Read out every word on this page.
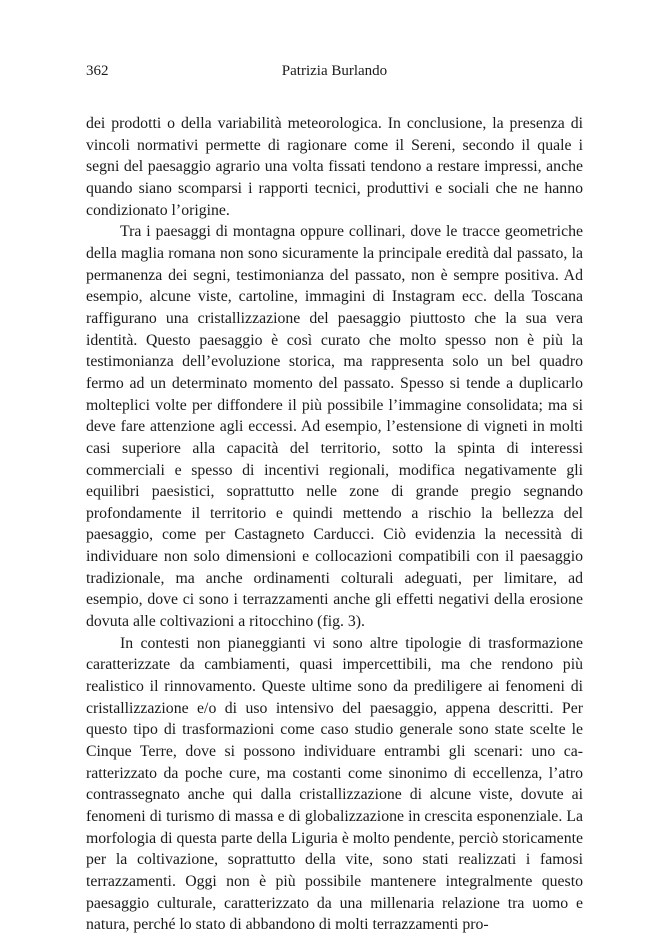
362	Patrizia Burlando

dei prodotti o della variabilità meteorologica. In conclusione, la presenza di vincoli normativi permette di ragionare come il Sereni, secondo il quale i segni del paesaggio agrario una volta fissati tendono a restare impressi, anche quando siano scomparsi i rapporti tecnici, produttivi e sociali che ne hanno condizionato l’origine.

Tra i paesaggi di montagna oppure collinari, dove le tracce geometriche della maglia romana non sono sicuramente la principale eredità dal passato, la permanenza dei segni, testimonianza del passato, non è sempre positiva. Ad esempio, alcune viste, cartoline, immagini di Instagram ecc. della Toscana raffigurano una cristallizzazione del paesaggio piuttosto che la sua vera identità. Questo paesaggio è così curato che molto spesso non è più la testimonianza dell’evoluzione storica, ma rappresenta solo un bel quadro fermo ad un determinato momento del passato. Spesso si tende a duplicarlo molteplici volte per diffondere il più possibile l’immagine consolidata; ma si deve fare attenzione agli eccessi. Ad esempio, l’estensione di vigneti in molti casi superiore alla capacità del territorio, sotto la spinta di interessi commerciali e spesso di incentivi regionali, modifica negativamente gli equilibri paesistici, soprattutto nelle zone di grande pregio segnando profondamente il territorio e quindi mettendo a rischio la bellezza del paesaggio, come per Castagneto Carducci. Ciò evidenzia la necessità di individuare non solo dimensioni e collocazioni compatibili con il paesaggio tradizionale, ma anche ordinamenti colturali adeguati, per limitare, ad esempio, dove ci sono i terrazzamenti anche gli effetti negativi della erosione dovuta alle coltivazioni a ritocchino (fig. 3).

In contesti non pianeggianti vi sono altre tipologie di trasformazione caratterizzate da cambiamenti, quasi impercettibili, ma che rendono più realistico il rinnovamento. Queste ultime sono da prediligere ai fenomeni di cristallizzazione e/o di uso intensivo del paesaggio, appena descritti. Per questo tipo di trasformazioni come caso studio generale sono state scelte le Cinque Terre, dove si possono individuare entrambi gli scenari: uno caratterizzato da poche cure, ma costanti come sinonimo di eccellenza, l’atro contrassegnato anche qui dalla cristallizzazione di alcune viste, dovute ai fenomeni di turismo di massa e di globalizzazione in crescita esponenziale. La morfologia di questa parte della Liguria è molto pendente, perciò storicamente per la coltivazione, soprattutto della vite, sono stati realizzati i famosi terrazzamenti. Oggi non è più possibile mantenere integralmente questo paesaggio culturale, caratterizzato da una millenaria relazione tra uomo e natura, perché lo stato di abbandono di molti terrazzamenti pro-
